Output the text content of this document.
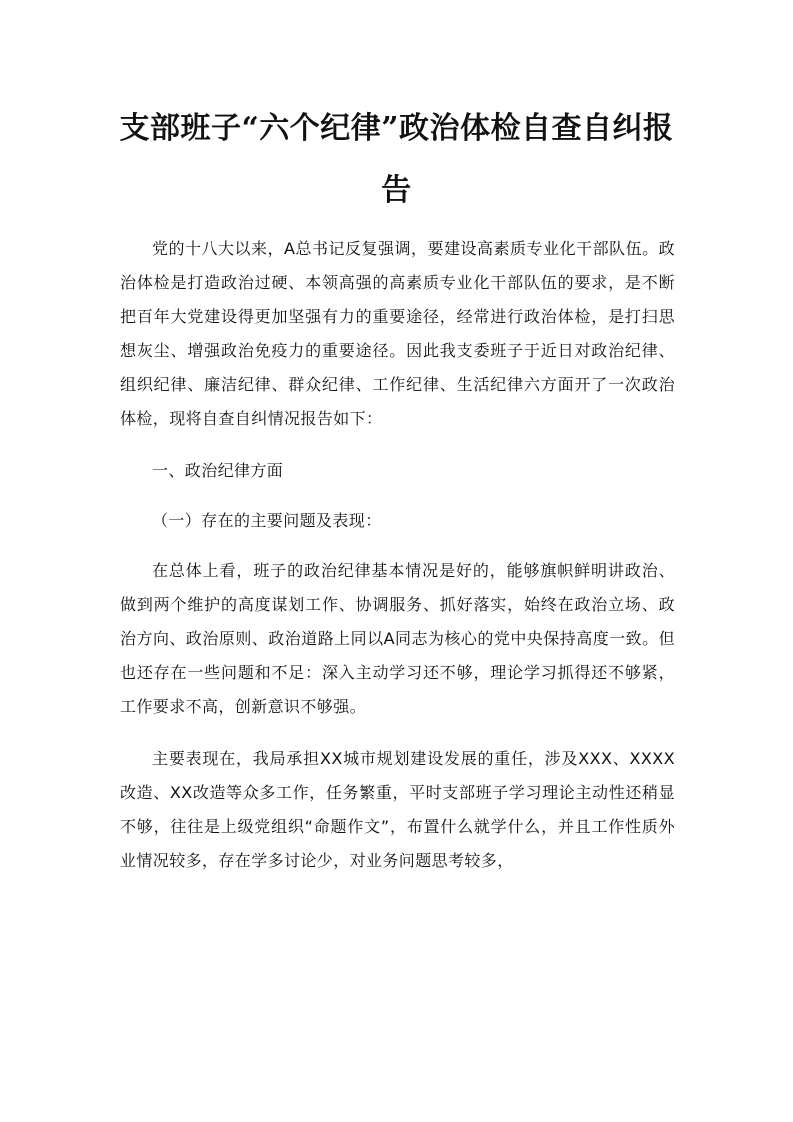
支部班子“六个纪律”政治体检自查自纠报告

党的十八大以来，A总书记反复强调，要建设高素质专业化干部队伍。政治体检是打造政治过硬、本领高强的高素质专业化干部队伍的要求，是不断把百年大党建设得更加坚强有力的重要途径，经常进行政治体检，是打扫思想灰尘、增强政治免疫力的重要途径。因此我支委班子于近日对政治纪律、组织纪律、廉洁纪律、群众纪律、工作纪律、生活纪律六方面开了一次政治体检，现将自查自纠情况报告如下：

一、政治纪律方面

（一）存在的主要问题及表现：

在总体上看，班子的政治纪律基本情况是好的，能够旗帜鲜明讲政治、做到两个维护的高度谋划工作、协调服务、抓好落实，始终在政治立场、政治方向、政治原则、政治道路上同以A同志为核心的党中央保持高度一致。但也还存在一些问题和不足：深入主动学习还不够，理论学习抓得还不够紧，工作要求不高，创新意识不够强。

主要表现在，我局承担XX城市规划建设发展的重任，涉及XXX、XXXX改造、XX改造等众多工作，任务繁重，平时支部班子学习理论主动性还稍显不够，往往是上级党组织“命题作文”，布置什么就学什么，并且工作性质外业情况较多，存在学多讨论少，对业务问题思考较多，
